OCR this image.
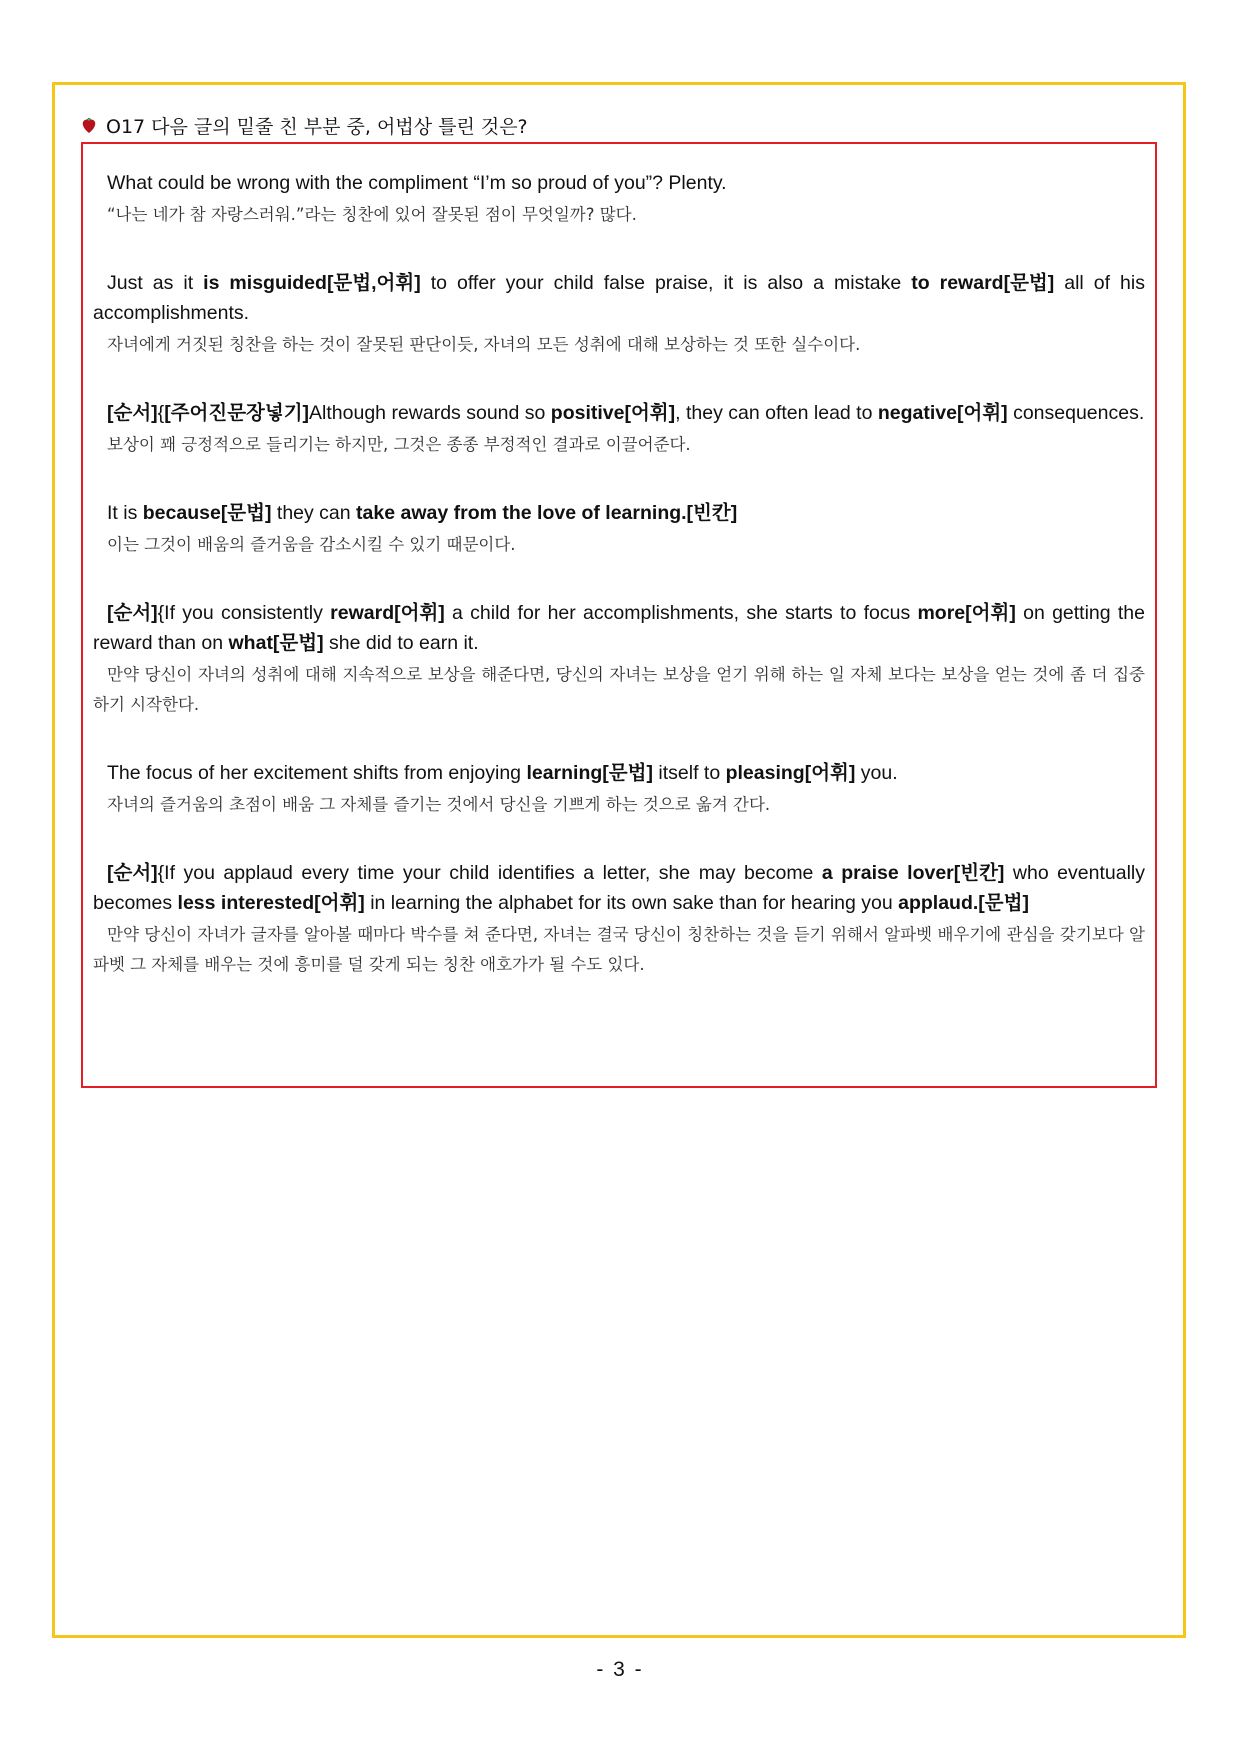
O17 다음 글의 밑줄 친 부분 중, 어법상 틀린 것은?
What could be wrong with the compliment “I’m so proud of you”? Plenty.
“나는 네가 참 자랑스러워.”라는 칭찬에 있어 잘못된 점이 무엇일까? 많다.
Just as it is misguided[문법,어휘] to offer your child false praise, it is also a mistake to reward[문법] all of his accomplishments.
자녀에게 거짓된 칭찬을 하는 것이 잘못된 판단이듯, 자녀의 모든 성취에 대해 보상하는 것 또한 실수이다.
[순서]{[주어진문장넣기]Although rewards sound so positive[어휘], they can often lead to negative[어휘] consequences.
보상이 꽤 긍정적으로 들리기는 하지만, 그것은 종종 부정적인 결과로 이끌어준다.
It is because[문법] they can take away from the love of learning.[빈칸]
이는 그것이 배움의 즐거움을 감소시킬 수 있기 때문이다.
[순서]{If you consistently reward[어휘] a child for her accomplishments, she starts to focus more[어휘] on getting the reward than on what[문법] she did to earn it.
만약 당신이 자녀의 성취에 대해 지속적으로 보상을 해준다면, 당신의 자녀는 보상을 얻기 위해 하는 일 자체 보다는 보상을 얻는 것에 좀 더 집중하기 시작한다.
The focus of her excitement shifts from enjoying learning[문법] itself to pleasing[어휘] you.
자녀의 즐거움의 초점이 배움 그 자체를 즐기는 것에서 당신을 기쁘게 하는 것으로 옮겨 간다.
[순서]{If you applaud every time your child identifies a letter, she may become a praise lover[빈칸] who eventually becomes less interested[어휘] in learning the alphabet for its own sake than for hearing you applaud.[문법]
만약 당신이 자녀가 글자를 알아볼 때마다 박수를 쳐 준다면, 자녀는 결국 당신이 칭찬하는 것을 듣기 위해서 알파벳 배우기에 관심을 갖기보다 알파벳 그 자체를 배우는 것에 흥미를 덜 갖게 되는 칭찬 애호가가 될 수도 있다.
- 3 -
